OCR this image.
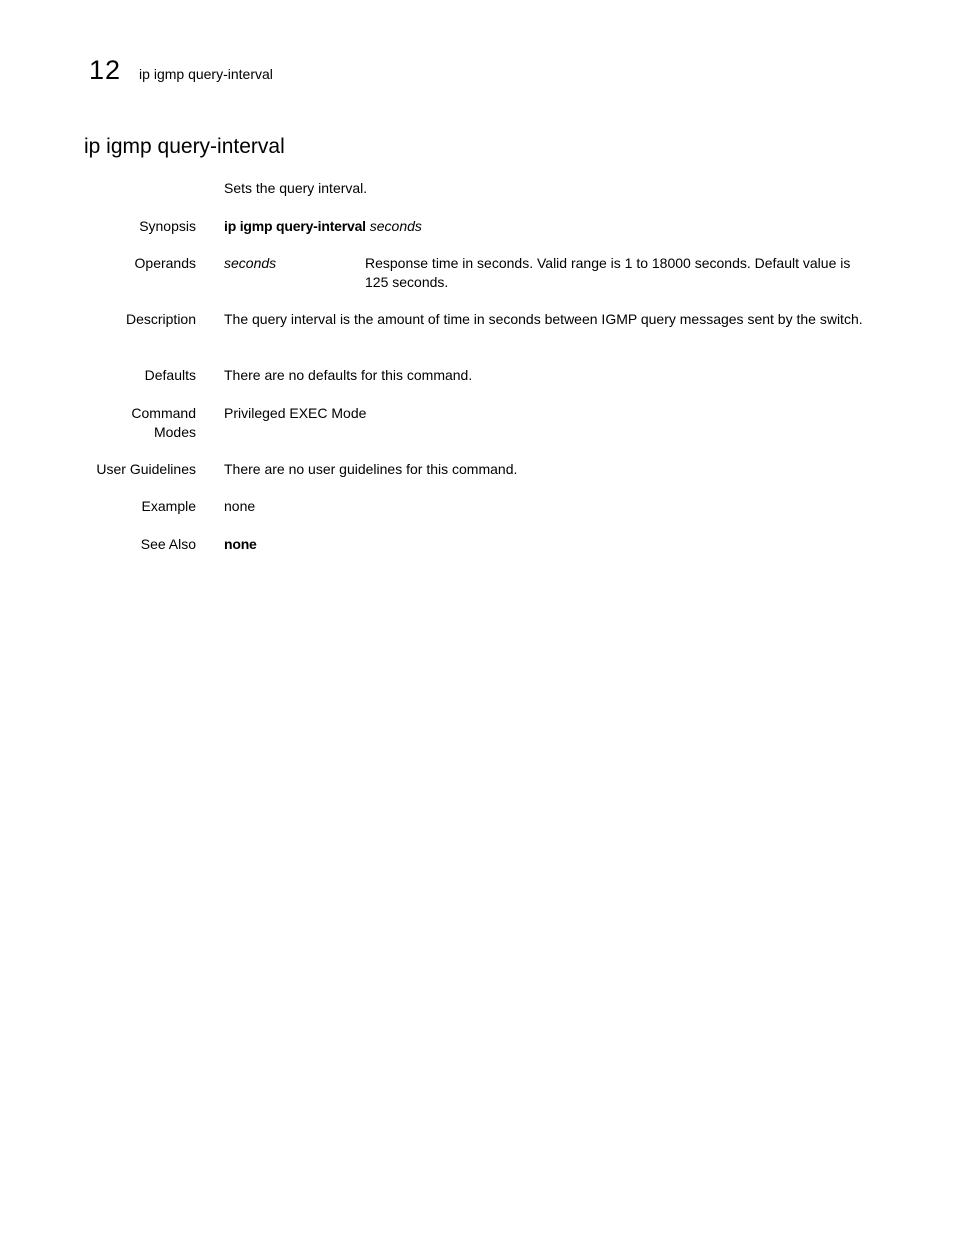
12 ip igmp query-interval
ip igmp query-interval
Sets the query interval.
Synopsis ip igmp query-interval seconds
Operands seconds	Response time in seconds. Valid range is 1 to 18000 seconds. Default value is 125 seconds.
Description The query interval is the amount of time in seconds between IGMP query messages sent by the switch.
Defaults There are no defaults for this command.
Command
Modes
Privileged EXEC Mode
User Guidelines There are no user guidelines for this command.
Example none
See Also none
